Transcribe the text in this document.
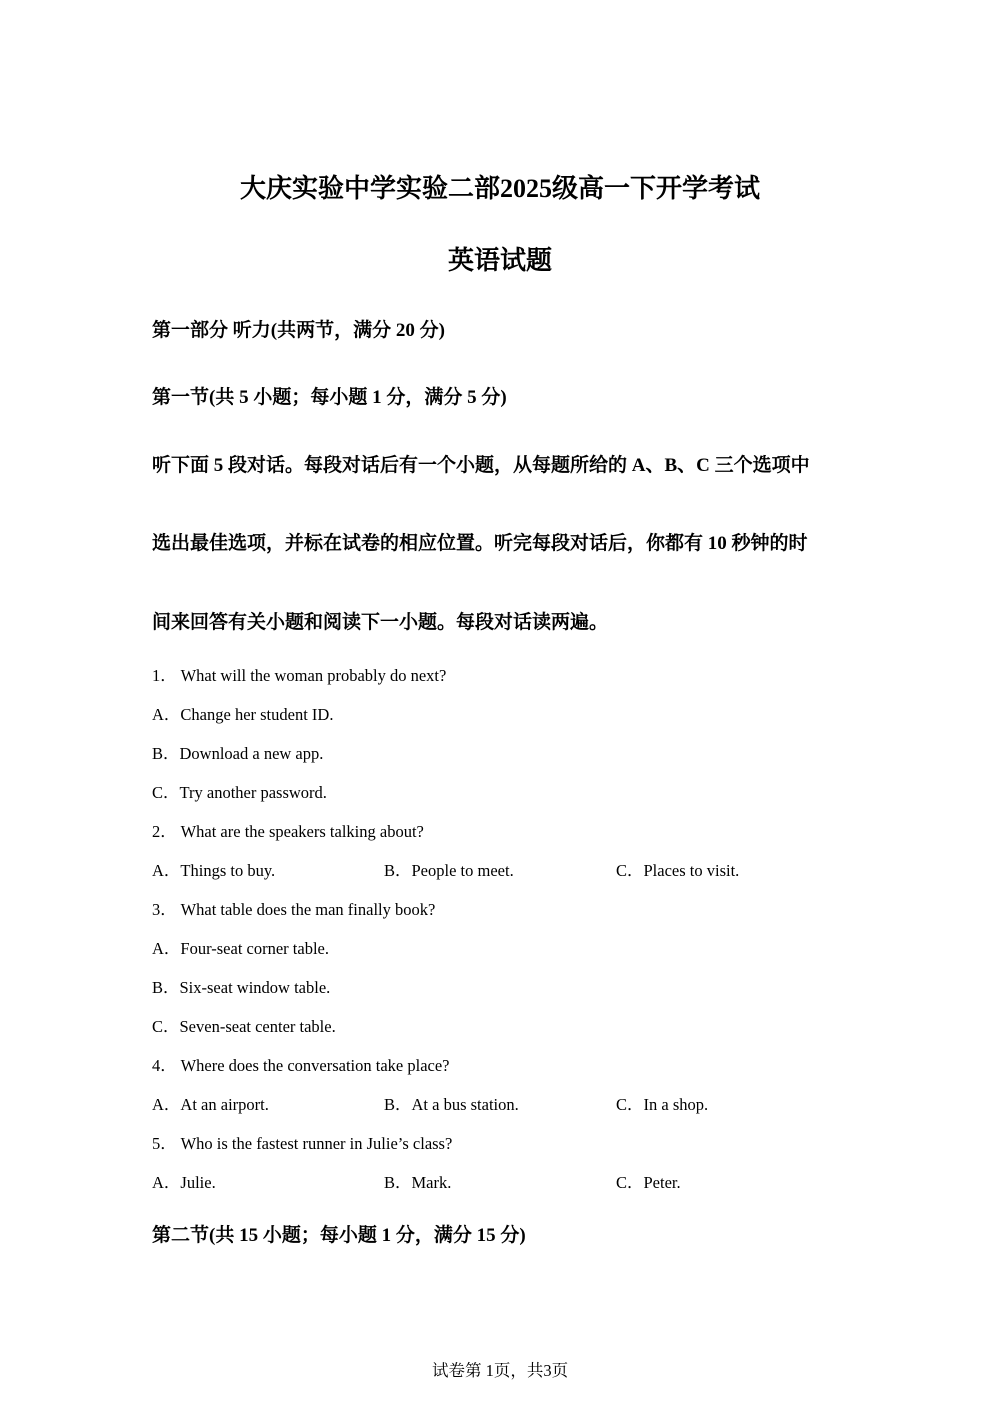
大庆实验中学实验二部2025级高一下开学考试
英语试题
第一部分 听力(共两节，满分 20 分)
第一节(共 5 小题；每小题 1 分，满分 5 分)
听下面 5 段对话。每段对话后有一个小题，从每题所给的 A、B、C 三个选项中
选出最佳选项，并标在试卷的相应位置。听完每段对话后，你都有 10 秒钟的时
间来回答有关小题和阅读下一小题。每段对话读两遍。
1． What will the woman probably do next?
A．Change her student ID.
B．Download a new app.
C．Try another password.
2． What are the speakers talking about?
A．Things to buy.	B．People to meet.	C．Places to visit.
3． What table does the man finally book?
A．Four-seat corner table.
B．Six-seat window table.
C．Seven-seat center table.
4． Where does the conversation take place?
A．At an airport.	B．At a bus station.	C．In a shop.
5． Who is the fastest runner in Julie’s class?
A．Julie.	B．Mark.	C．Peter.
第二节(共 15 小题；每小题 1 分，满分 15 分)
试卷第 1页，共3页
